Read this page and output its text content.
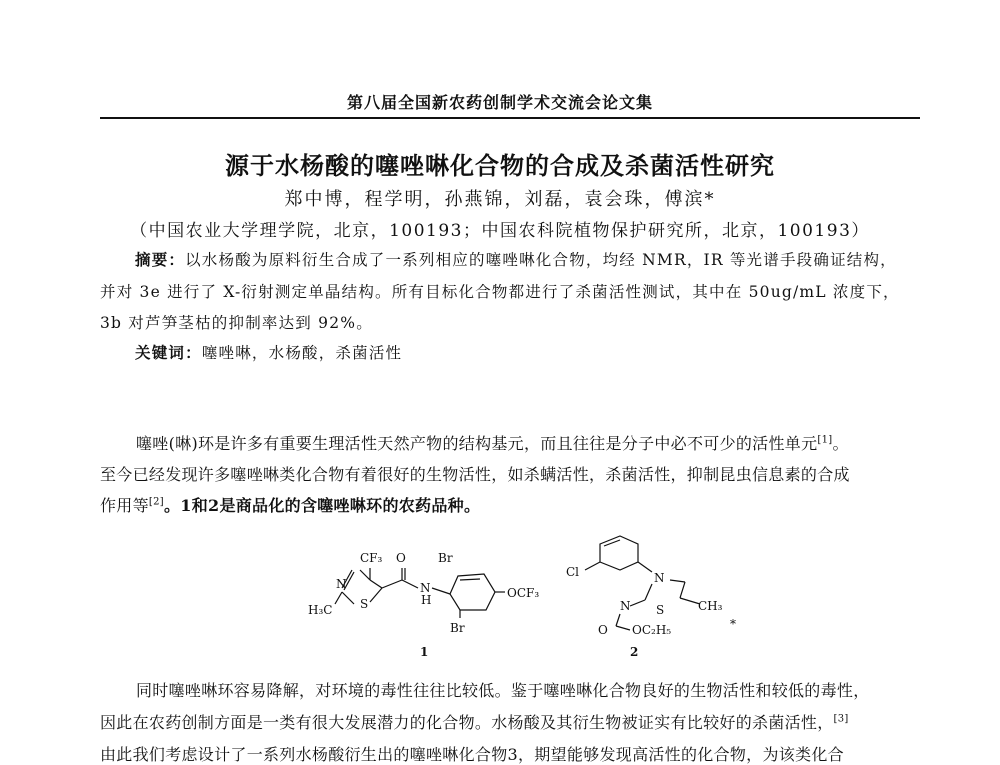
第八届全国新农药创制学术交流会论文集
源于水杨酸的噻唑啉化合物的合成及杀菌活性研究
郑中博，程学明，孙燕锦，刘磊，袁会珠，傅滨*
（中国农业大学理学院，北京，100193；中国农科院植物保护研究所，北京，100193）
摘要：以水杨酸为原料衍生合成了一系列相应的噻唑啉化合物，均经 NMR，IR 等光谱手段确证结构，
并对 3e 进行了 X-衍射测定单晶结构。所有目标化合物都进行了杀菌活性测试，其中在 50ug/mL 浓度下，
3b 对芦笋茎枯的抑制率达到 92%。
关键词：噻唑啉，水杨酸，杀菌活性
噻唑(啉)环是许多有重要生理活性天然产物的结构基元，而且往往是分子中必不可少的活性单元[1]。
至今已经发现许多噻唑啉类化合物有着很好的生物活性，如杀螨活性，杀菌活性，抑制昆虫信息素的合成
作用等[2]。1和2是商品化的含噻唑啉环的农药品种。
CF₃ O	Br
N	N
H	OCF₃
H₃C S
Br
1
Cl	N
N S	CH₃
O OC₂H₅	*
2
同时噻唑啉环容易降解，对环境的毒性往往比较低。鉴于噻唑啉化合物良好的生物活性和较低的毒性，
因此在农药创制方面是一类有很大发展潜力的化合物。水杨酸及其衍生物被证实有比较好的杀菌活性，[3]
由此我们考虑设计了一系列水杨酸衍生出的噻唑啉化合物3，期望能够发现高活性的化合物，为该类化合
